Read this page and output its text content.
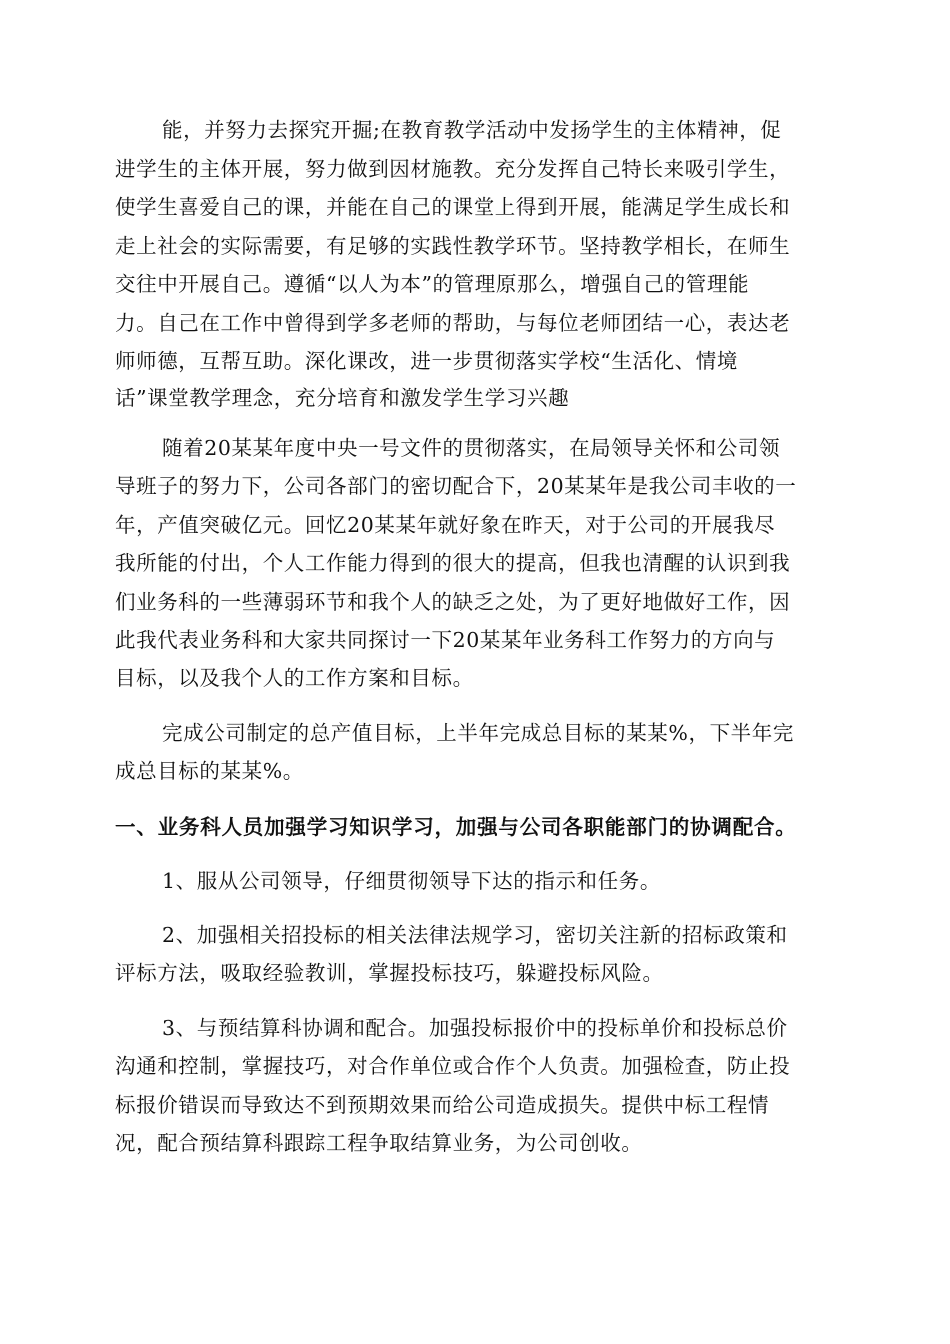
能，并努力去探究开掘;在教育教学活动中发扬学生的主体精神，促
进学生的主体开展，努力做到因材施教。充分发挥自己特长来吸引学生，
使学生喜爱自己的课，并能在自己的课堂上得到开展，能满足学生成长和
走上社会的实际需要，有足够的实践性教学环节。坚持教学相长，在师生
交往中开展自己。遵循“以人为本”的管理原那么，增强自己的管理能
力。自己在工作中曾得到学多老师的帮助，与每位老师团结一心，表达老
师师德，互帮互助。深化课改，进一步贯彻落实学校“生活化、情境
话”课堂教学理念，充分培育和激发学生学习兴趣
随着20某某年度中央一号文件的贯彻落实，在局领导关怀和公司领
导班子的努力下，公司各部门的密切配合下，20某某年是我公司丰收的一
年，产值突破亿元。回忆20某某年就好象在昨天，对于公司的开展我尽
我所能的付出，个人工作能力得到的很大的提高，但我也清醒的认识到我
们业务科的一些薄弱环节和我个人的缺乏之处，为了更好地做好工作，因
此我代表业务科和大家共同探讨一下20某某年业务科工作努力的方向与
目标，以及我个人的工作方案和目标。
完成公司制定的总产值目标，上半年完成总目标的某某%，下半年完
成总目标的某某%。
一、业务科人员加强学习知识学习，加强与公司各职能部门的协调配合。
1、服从公司领导，仔细贯彻领导下达的指示和任务。
2、加强相关招投标的相关法律法规学习，密切关注新的招标政策和
评标方法，吸取经验教训，掌握投标技巧，躲避投标风险。
3、与预结算科协调和配合。加强投标报价中的投标单价和投标总价
沟通和控制，掌握技巧，对合作单位或合作个人负责。加强检查，防止投
标报价错误而导致达不到预期效果而给公司造成损失。提供中标工程情
况，配合预结算科跟踪工程争取结算业务，为公司创收。
